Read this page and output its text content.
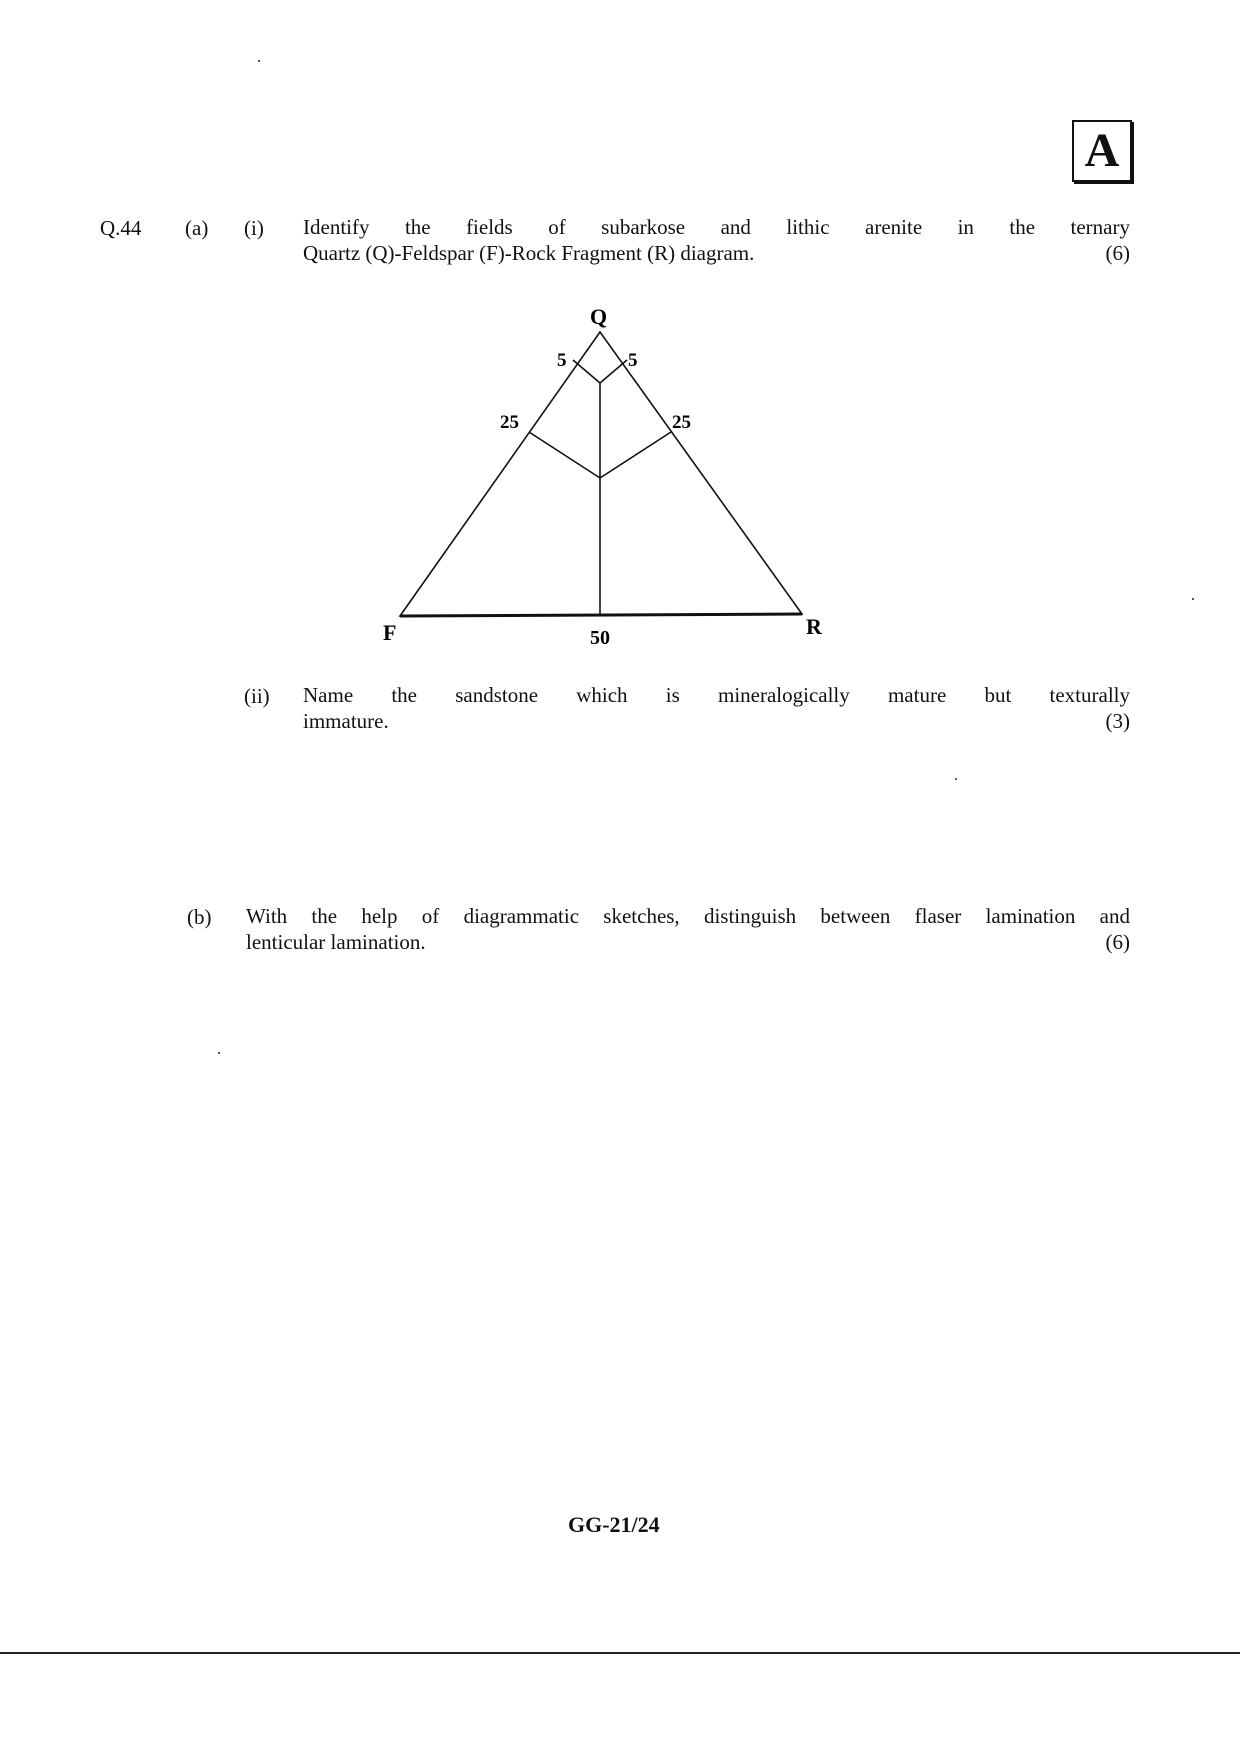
A
Q.44 (a) (i) Identify the fields of subarkose and lithic arenite in the ternary
Quartz (Q)-Feldspar (F)-Rock Fragment (R) diagram.	(6)
Q
F	R
5	5
25	25
50
(ii) Name the sandstone which is mineralogically mature but texturally
immature.	(3)
(b) With the help of diagrammatic sketches, distinguish between flaser lamination and
lenticular lamination.	(6)
GG-21/24
